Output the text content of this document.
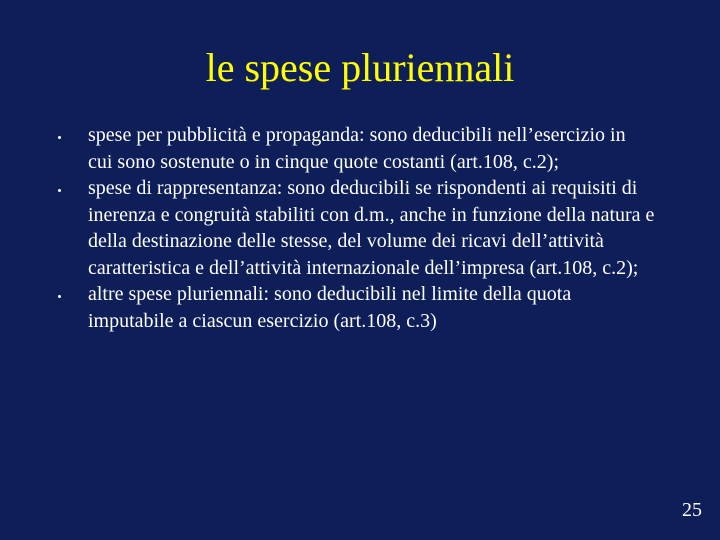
le spese pluriennali
spese per pubblicità e propaganda: sono deducibili nell’esercizio in cui sono sostenute o in cinque quote costanti (art.108, c.2);
spese di rappresentanza: sono deducibili se rispondenti ai requisiti di inerenza e congruità stabiliti con d.m., anche in funzione della natura e della destinazione delle stesse, del volume dei ricavi dell’attività caratteristica e dell’attività internazionale dell’impresa (art.108, c.2);
altre spese pluriennali: sono deducibili nel limite della quota imputabile a ciascun esercizio (art.108, c.3)
25
